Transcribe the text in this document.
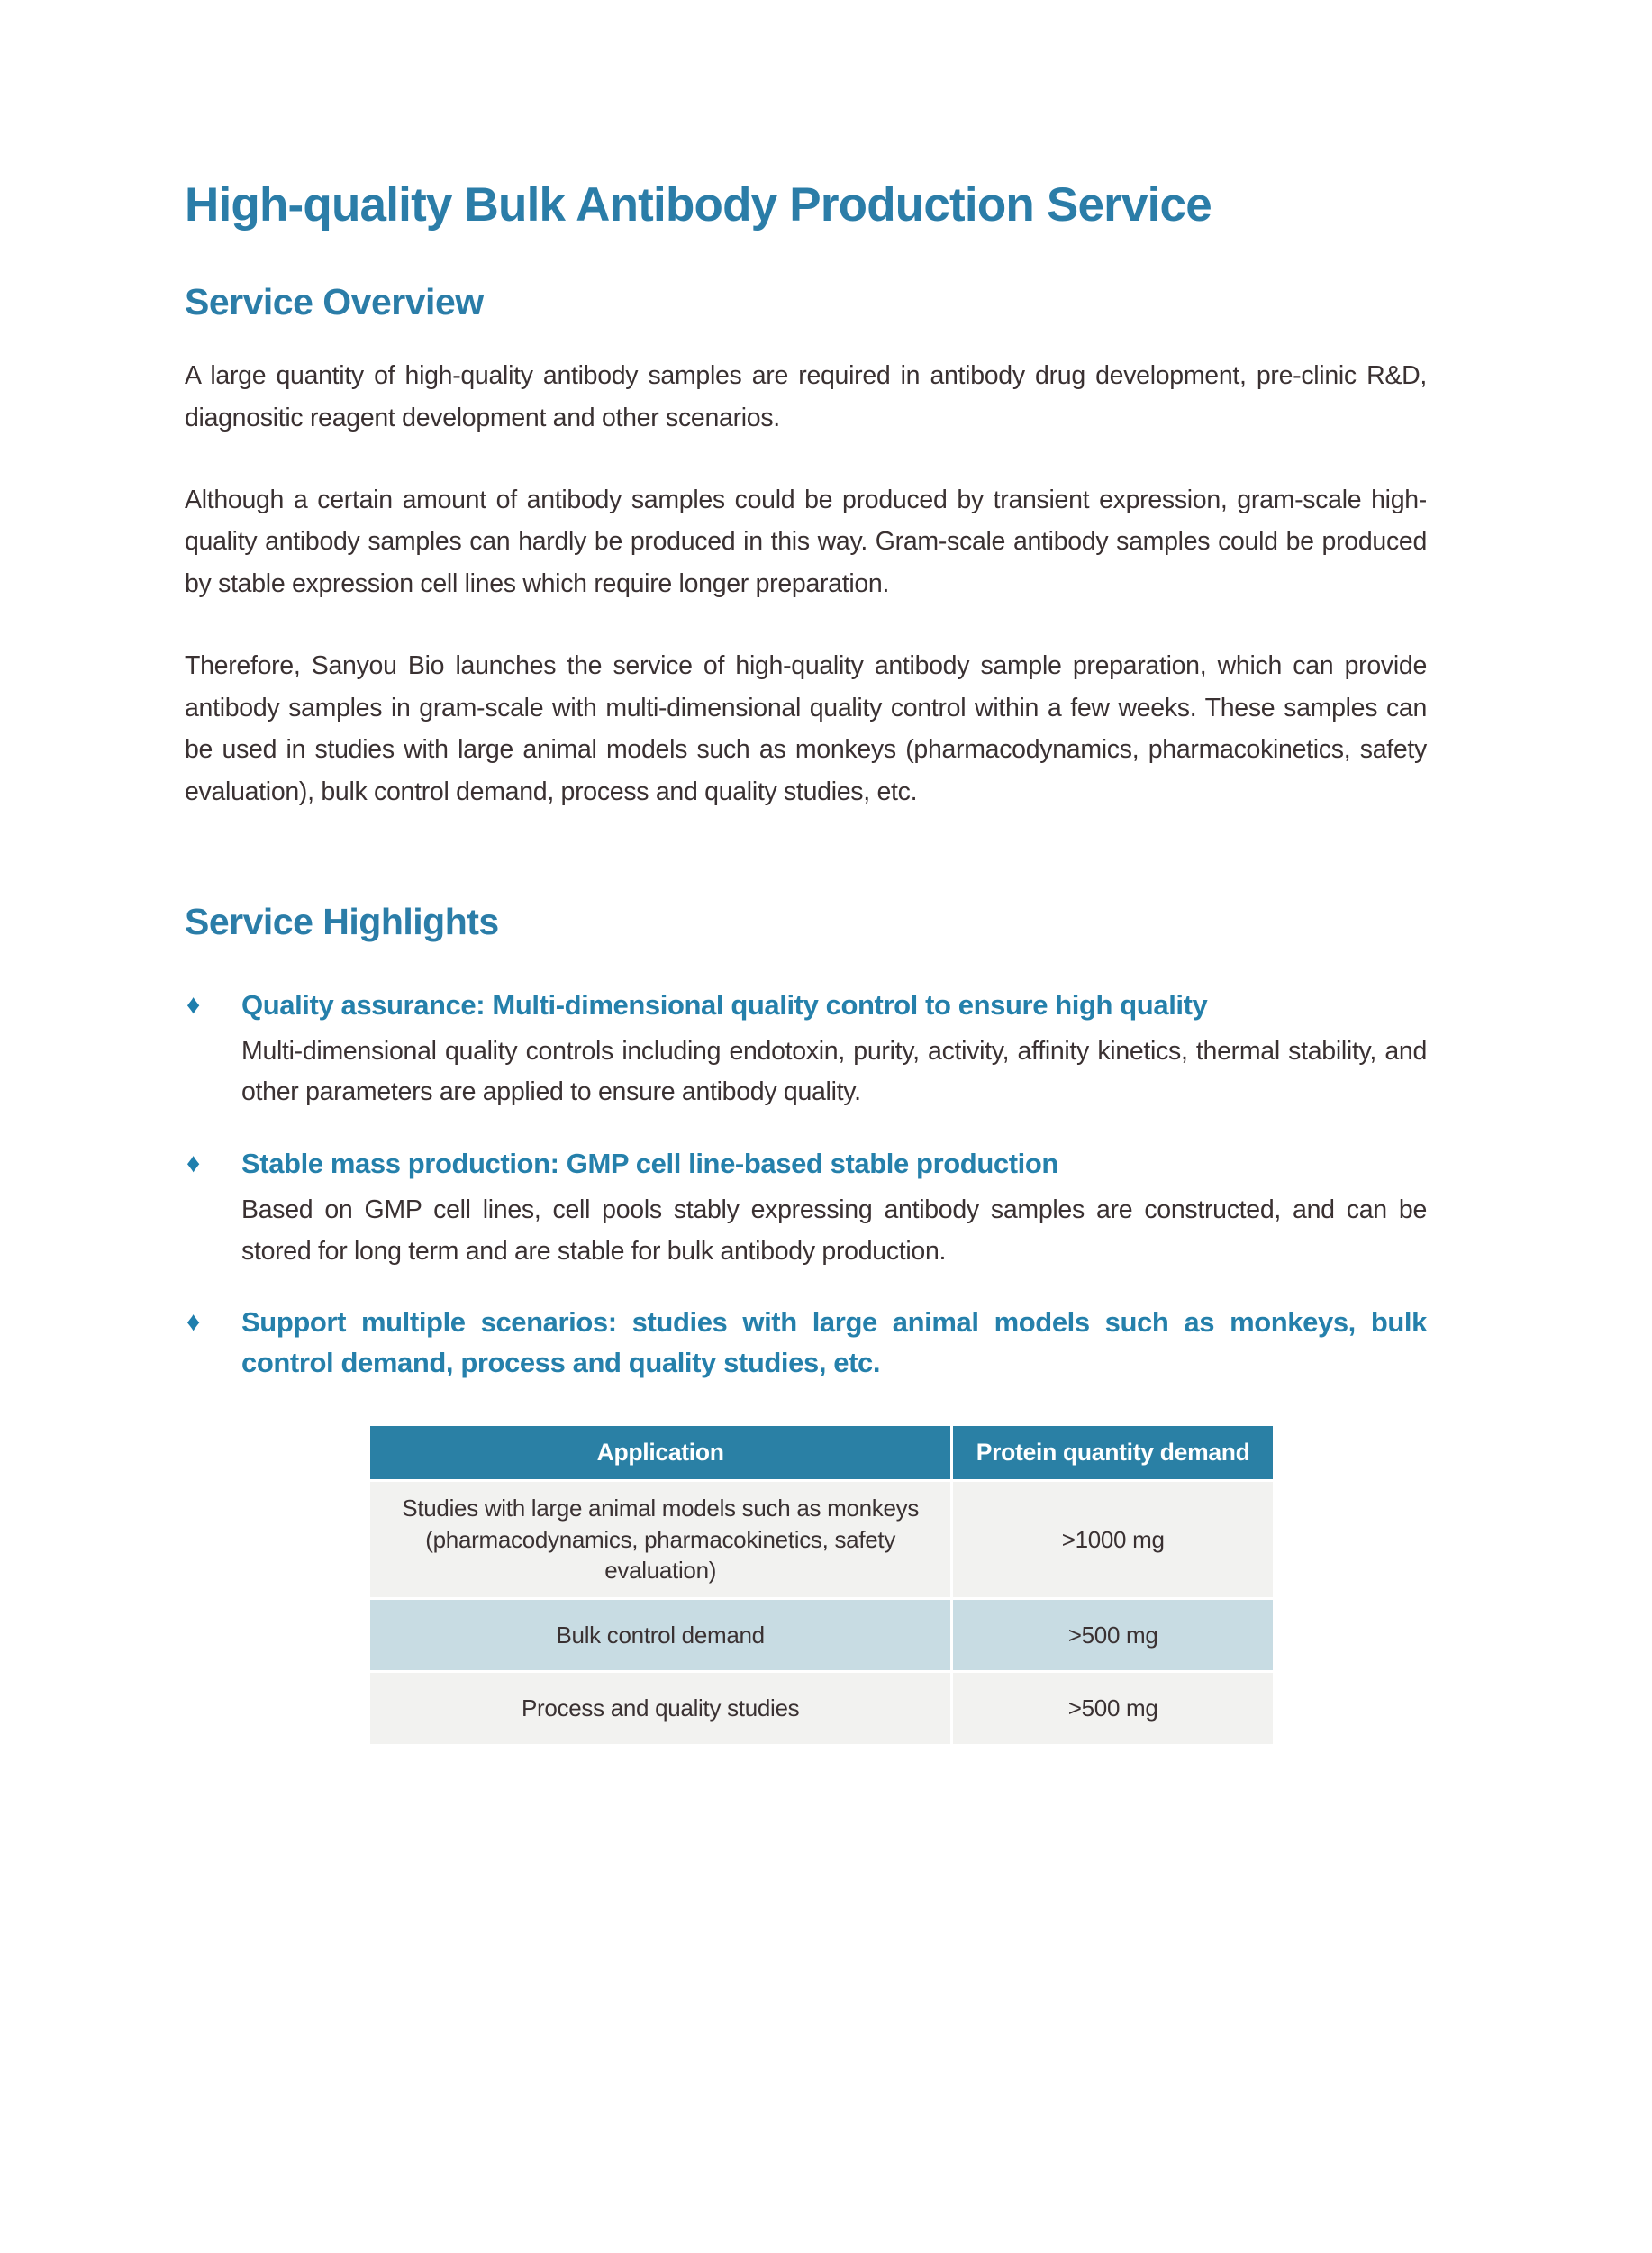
High-quality Bulk Antibody Production Service
Service Overview

A large quantity of high-quality antibody samples are required in antibody drug development, pre-clinic R&D, diagnositic reagent development and other scenarios.

Although a certain amount of antibody samples could be produced by transient expression, gram-scale high-quality antibody samples can hardly be produced in this way. Gram-scale antibody samples could be produced by stable expression cell lines which require longer preparation.

Therefore, Sanyou Bio launches the service of high-quality antibody sample preparation, which can provide antibody samples in gram-scale with multi-dimensional quality control within a few weeks. These samples can be used in studies with large animal models such as monkeys (pharmacodynamics, pharmacokinetics, safety evaluation), bulk control demand, process and quality studies, etc.

Service Highlights
♦	Quality assurance: Multi-dimensional quality control to ensure high quality
Multi-dimensional quality controls including endotoxin, purity, activity, affinity kinetics, thermal stability, and other parameters are applied to ensure antibody quality.
♦	Stable mass production: GMP cell line-based stable production
Based on GMP cell lines, cell pools stably expressing antibody samples are constructed, and can be stored for long term and are stable for bulk antibody production.
♦	Support multiple scenarios: studies with large animal models such as monkeys, bulk control demand, process and quality studies, etc.
Application	Protein quantity demand
Studies with large animal models such as monkeys (pharmacodynamics, pharmacokinetics, safety evaluation)	>1000 mg
Bulk control demand	>500 mg
Process and quality studies	>500 mg
